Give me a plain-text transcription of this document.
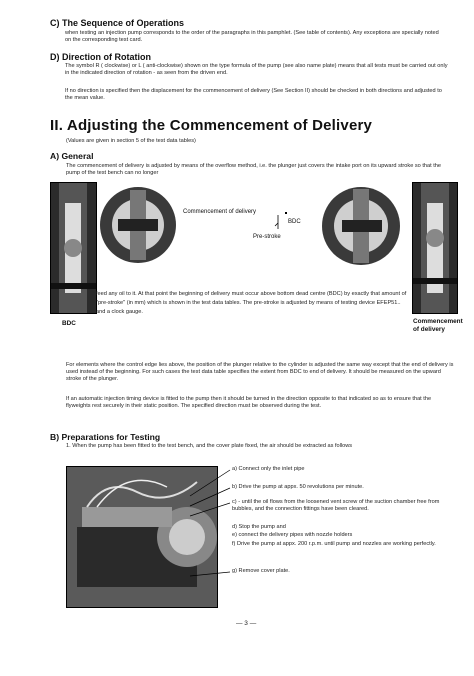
C) The Sequence of Operations
when testing an injection pump corresponds to the order of the paragraphs in this pamphlet. (See table of contents). Any exceptions are specially noted on the corresponding test card.
D) Direction of Rotation
The symbol R ( clockwise) or L ( anti-clockwise) shown on the type formula of the pump (see also name plate) means that all tests must be carried out only in the indicated direction of rotation - as seen from the driven end.
If no direction is specified then the displacement for the commencement of delivery (See Section II) should be checked in both directions and adjusted to the mean value.
II. Adjusting the Commencement of Delivery
(Values are given in section 5 of the test data tables)
A) General
The commencement of delivery is adjusted by means of the overflow method, i.e. the plunger just covers the intake port on its upward stroke so that the pump of the test bench can no longer
BDC
Commencement of delivery
BDC
Pre-stroke
Commencement of delivery
feed any oil to it. At that point the beginning of delivery must occur above bottom dead centre (BDC) by exactly that amount of "pre-stroke" (in mm) which is shown in the test data tables. The pre-stroke is adjusted by means of testing device EFEP51.. and a clock gauge.
For elements where the control edge lies above, the position of the plunger relative to the cylinder is adjusted the same way except that the end of delivery is used instead of the beginning. For such cases the test data table specifies the extent from BDC to end of delivery. It should be measured on the upward stroke of the plunger.
If an automatic injection timing device is fitted to the pump then it should be turned in the direction opposite to that indicated so as to ensure that the flyweights rest securely in their static position. The specified direction must be observed during the test.
B) Preparations for Testing
1. When the pump has been fitted to the test bench, and the cover plate fixed, the air should be extracted as follows
a) Connect only the inlet pipe
b) Drive the pump at appx. 50 revolutions per minute.
c) - until the oil flows from the loosened vent screw of the suction chamber free from bubbles, and the connection fittings have been cleared.
d) Stop the pump and
e) connect the delivery pipes with nozzle holders
f) Drive the pump at appx. 200 r.p.m. until pump and nozzles are working perfectly.
g) Remove cover plate.
— 3 —
